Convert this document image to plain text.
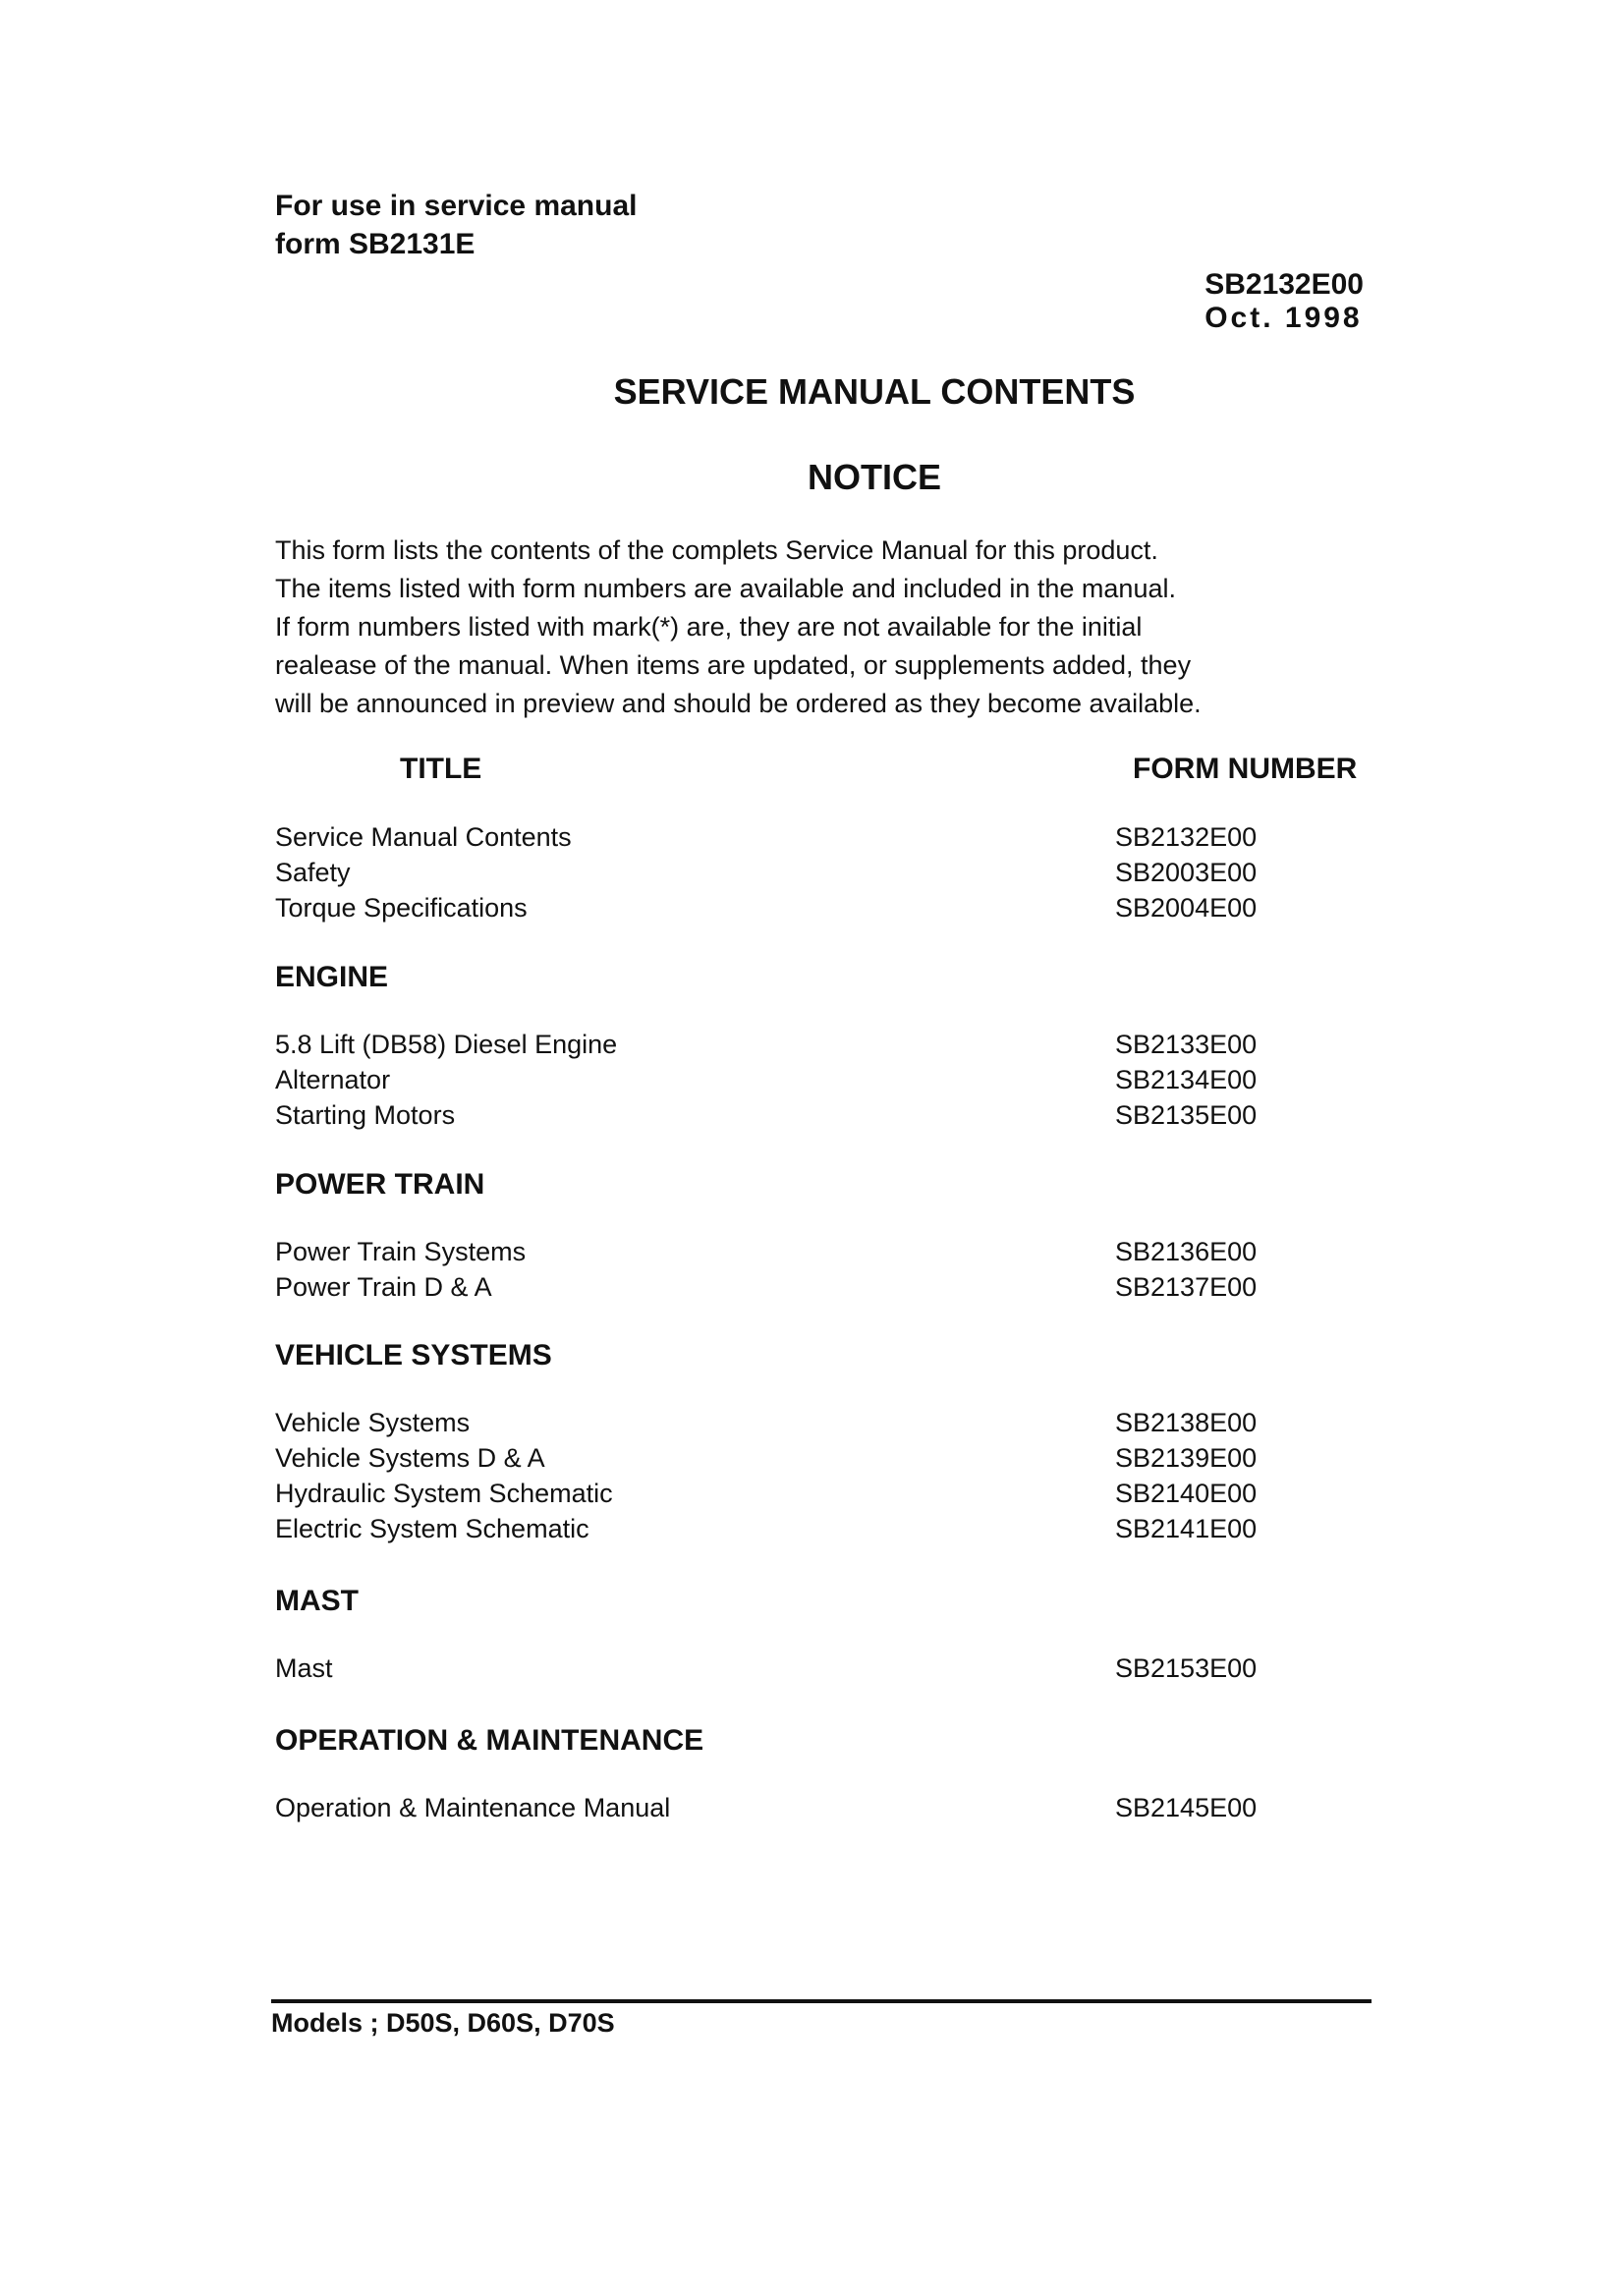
For use in service manual
form SB2131E
SB2132E00
Oct. 1998
SERVICE MANUAL CONTENTS
NOTICE
This form lists the contents of the complets Service Manual for this product.
The items listed with form numbers are available and included in the manual.
If form numbers listed with mark(*) are, they are not available for the initial
realease of the manual. When items are updated, or supplements added, they
will be announced in preview and should be ordered as they become available.
TITLE	FORM NUMBER
Service Manual Contents	SB2132E00
Safety	SB2003E00
Torque Specifications	SB2004E00
ENGINE
5.8 Lift (DB58) Diesel Engine	SB2133E00
Alternator	SB2134E00
Starting Motors	SB2135E00
POWER TRAIN
Power Train Systems	SB2136E00
Power Train D & A	SB2137E00
VEHICLE SYSTEMS
Vehicle Systems	SB2138E00
Vehicle Systems D & A	SB2139E00
Hydraulic System Schematic	SB2140E00
Electric System Schematic	SB2141E00
MAST
Mast	SB2153E00
OPERATION & MAINTENANCE
Operation & Maintenance Manual	SB2145E00
Models ; D50S, D60S, D70S
